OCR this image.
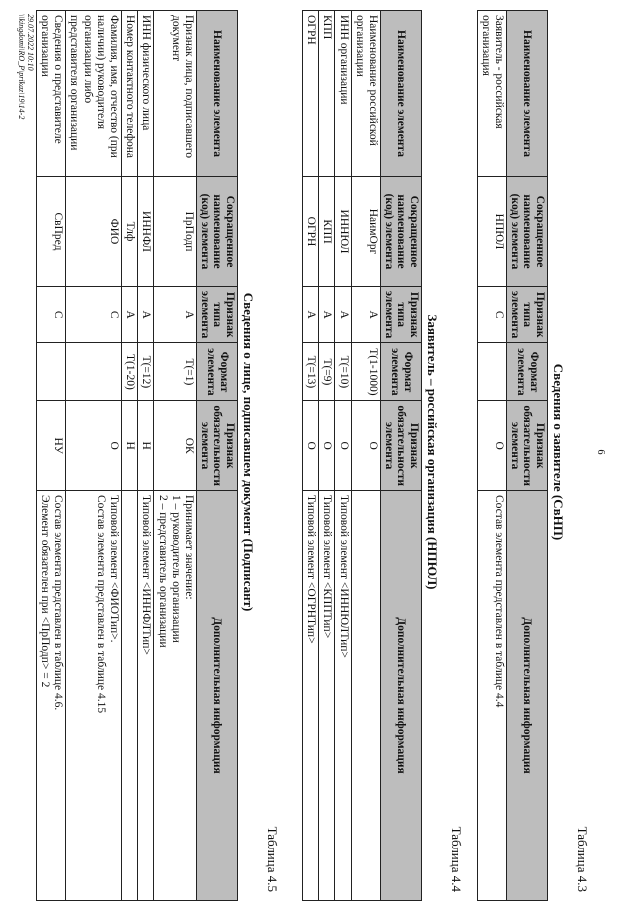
6
Таблица 4.3
Сведения о заявителе (СвНП)
Наименование элемента	Сокращенное наименование (код) элемента	Признак типа элемента	Формат элемента	Признак обязательности элемента	Дополнительная информация
Заявитель - российская организация	НПЮЛ	С		О	Состав элемента представлен в таблице 4.4
Таблица 4.4
Заявитель – российская организация (НПЮЛ)
Наименование элемента	Сокращенное наименование (код) элемента	Признак типа элемента	Формат элемента	Признак обязательности элемента	Дополнительная информация
Наименование российской организации	НаимОрг	А	T(1-1000)	О	
ИНН организации	ИННЮЛ	А	T(=10)	О	Типовой элемент <ИННЮЛТип>
КПП	КПП	А	T(=9)	О	Типовой элемент <КППТип>
ОГРН	ОГРН	А	T(=13)	О	Типовой элемент <ОГРНТип>
Таблица 4.5
Сведения о лице, подписавшем документ (Подписант)
Наименование элемента	Сокращенное наименование (код) элемента	Признак типа элемента	Формат элемента	Признак обязательности элемента	Дополнительная информация
Признак лица, подписавшего документ	ПрПодп	А	T(=1)	ОК	Принимает значение:
1 – руководитель организации
2 – представитель организации

ИНН физического лица	ИННФЛ	А	T(=12)	Н	Типовой элемент <ИННФЛТип>

Номер контактного телефона	Тлф	А	T(1-20)	Н	

Фамилия, имя, отчество (при наличии) руководителя организации либо представителя организации	ФИО	С		О	Типовой элемент <ФИОТип>.
Состав элемента представлен в таблице 4.15

Сведения о представителе организации	СвПред	С		НУ	Состав элемента представлен в таблице 4.6.
Элемент обязателен при <ПрПодп> = 2
29.07.2022 10:10
\\kingdomi\RO_P\prikaz\19\14-2
